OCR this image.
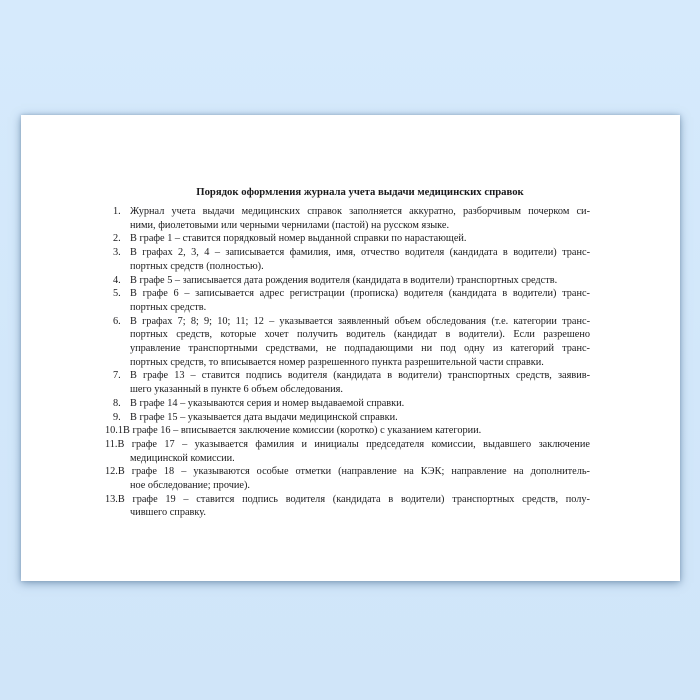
Порядок оформления журнала учета выдачи медицинских справок
Журнал учета выдачи медицинских справок заполняется аккуратно, разборчивым почерком си-
ними, фиолетовыми или черными чернилами (пастой) на русском языке.
1.
В графе 1 – ставится порядковый номер выданной справки по нарастающей.
2.
В графах 2, 3, 4 – записывается фамилия, имя, отчество водителя (кандидата в водители) транс-
портных средств (полностью).
3.
В графе 5 – записывается дата рождения водителя (кандидата в водители) транспортных средств.
4.
В графе 6 – записывается адрес регистрации (прописка) водителя (кандидата в водители) транс-
портных средств.
5.
В графах 7; 8; 9; 10; 11; 12 – указывается заявленный объем обследования (т.е. категории транс-
портных средств, которые хочет получить водитель (кандидат в водители). Если разрешено
управление транспортными средствами, не подпадающими ни под одну из категорий транс-
портных средств, то вписывается номер разрешенного пункта разрешительной части справки.
6.
В графе 13 – ставится подпись водителя (кандидата в водители) транспортных средств, заявив-
шего указанный в пункте 6 объем обследования.
7.
В графе 14 – указываются серия и номер выдаваемой справки.
8.
В графе 15 – указывается дата выдачи медицинской справки.
9.
10.1В графе 16 – вписывается заключение комиссии (коротко) с указанием категории.
11.В графе 17 – указывается фамилия и инициалы председателя комиссии, выдавшего заключение
медицинской комиссии.
12.В графе 18 – указываются особые отметки (направление на КЭК; направление на дополнитель-
ное обследование; прочие).
13.В графе 19 – ставится подпись водителя (кандидата в водители) транспортных средств, полу-
чившего справку.
